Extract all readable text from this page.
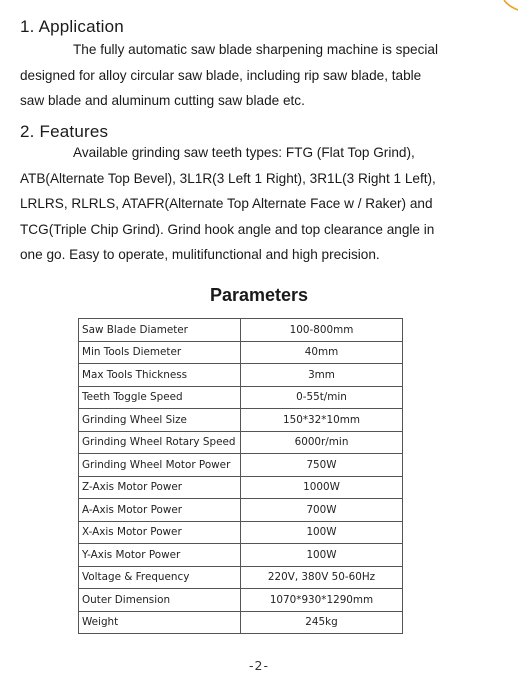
1. Application

The fully automatic saw blade sharpening machine is special
designed for alloy circular saw blade, including rip saw blade, table
saw blade and aluminum cutting saw blade etc.

2. Features

Available grinding saw teeth types: FTG (Flat Top Grind),
ATB(Alternate Top Bevel), 3L1R(3 Left 1 Right), 3R1L(3 Right 1 Left),
LRLRS, RLRLS, ATAFR(Alternate Top Alternate Face w / Raker) and
TCG(Triple Chip Grind). Grind hook angle and top clearance angle in
one go. Easy to operate, mulitifunctional and high precision.

Parameters
Saw Blade Diameter	100-800mm
Min Tools Diemeter	40mm
Max Tools Thickness	3mm
Teeth Toggle Speed	0-55t/min
Grinding Wheel Size	150*32*10mm
Grinding Wheel Rotary Speed	6000r/min
Grinding Wheel Motor Power	750W
Z-Axis Motor Power	1000W
A-Axis Motor Power	700W
X-Axis Motor Power	100W
Y-Axis Motor Power	100W
Voltage & Frequency	220V, 380V 50-60Hz
Outer Dimension	1070*930*1290mm
Weight	245kg
-2-
